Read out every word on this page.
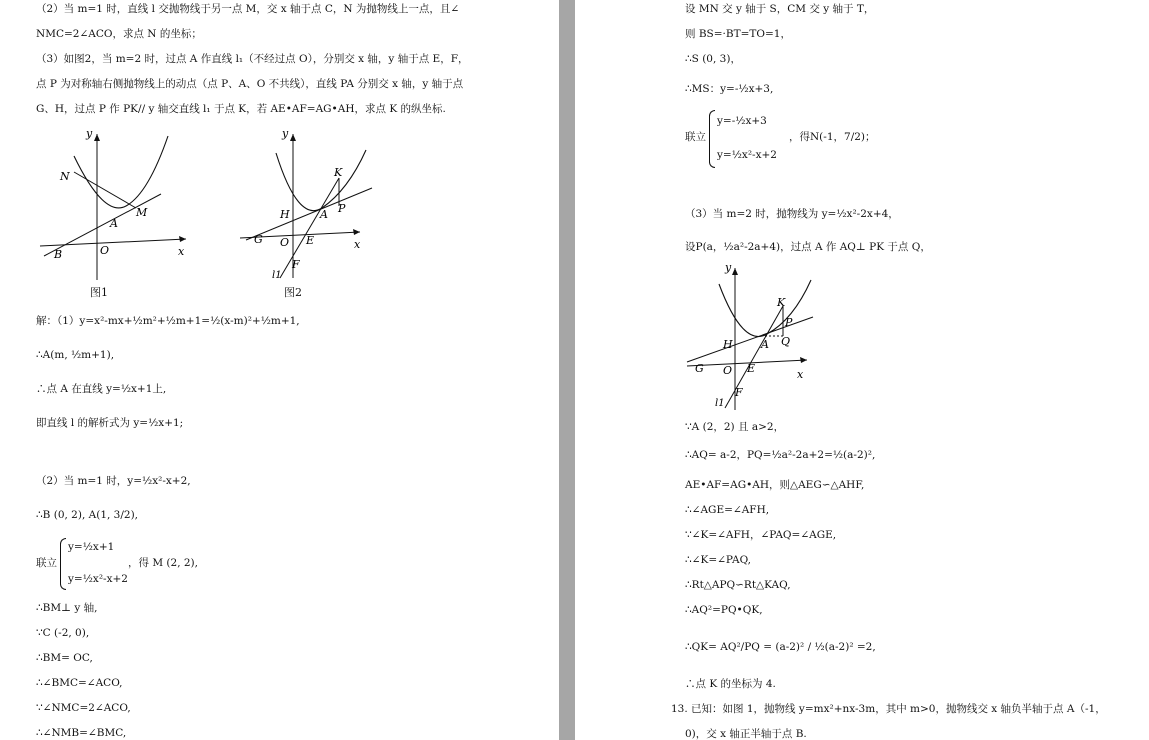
（2）当 m=1 时，直线 l 交抛物线于另一点 M，交 x 轴于点 C，N 为抛物线上一点，且∠
NMC=2∠ACO，求点 N 的坐标；
（3）如图2，当 m=2 时，过点 A 作直线 l₁（不经过点 O），分别交 x 轴，y 轴于点 E，F，
点 P 为对称轴右侧抛物线上的动点（点 P、A、O 不共线），直线 PA 分别交 x 轴，y 轴于点
G、H，过点 P 作 PK// y 轴交直线 l₁ 于点 K，若 AE•AF=AG•AH，求点 K 的纵坐标.
y
N
M
A
B	O	x
图1
y
K
P
H	A
G O E	x
F
l1
图2
解：（1）y=x²-mx+½m²+½m+1=½(x-m)²+½m+1,
∴A(m, ½m+1),
∴点 A 在直线 y=½x+1上,
即直线 l 的解析式为 y=½x+1;
（2）当 m=1 时，y=½x²-x+2,
∴B (0, 2), A(1, 3/2),
联立
y=½x+1
y=½x²-x+2
，得 M (2, 2),
∴BM⊥ y 轴,
∵C (-2, 0),
∴BM= OC,
∴∠BMC=∠ACO,
∵∠NMC=2∠ACO,
∴∠NMB=∠BMC,
设 MN 交 y 轴于 S，CM 交 y 轴于 T，
则 BS=·BT=TO=1，
∴S (0, 3)，
∴MS：y=-½x+3,
联立
y=-½x+3
y=½x²-x+2
，得N(-1，7/2)；
（3）当 m=2 时，抛物线为 y=½x²-2x+4，
设P(a，½a²-2a+4)，过点 A 作 AQ⊥ PK 于点 Q，
y
K
P
H	A Q
G O E	x
F
l1
∵A (2，2) 且 a>2，
∴AQ= a-2，PQ=½a²-2a+2=½(a-2)²,
AE•AF=AG•AH，则△AEG∽△AHF,
∴∠AGE=∠AFH,
∵∠K=∠AFH，∠PAQ=∠AGE,
∴∠K=∠PAQ,
∴Rt△APQ∽Rt△KAQ,
∴AQ²=PQ•QK,
∴QK= AQ²/PQ = (a-2)² / ½(a-2)² =2,
∴点 K 的坐标为 4.
13. 已知：如图 1，抛物线 y=mx²+nx-3m，其中 m>0，抛物线交 x 轴负半轴于点 A（-1，
0)，交 x 轴正半轴于点 B.
